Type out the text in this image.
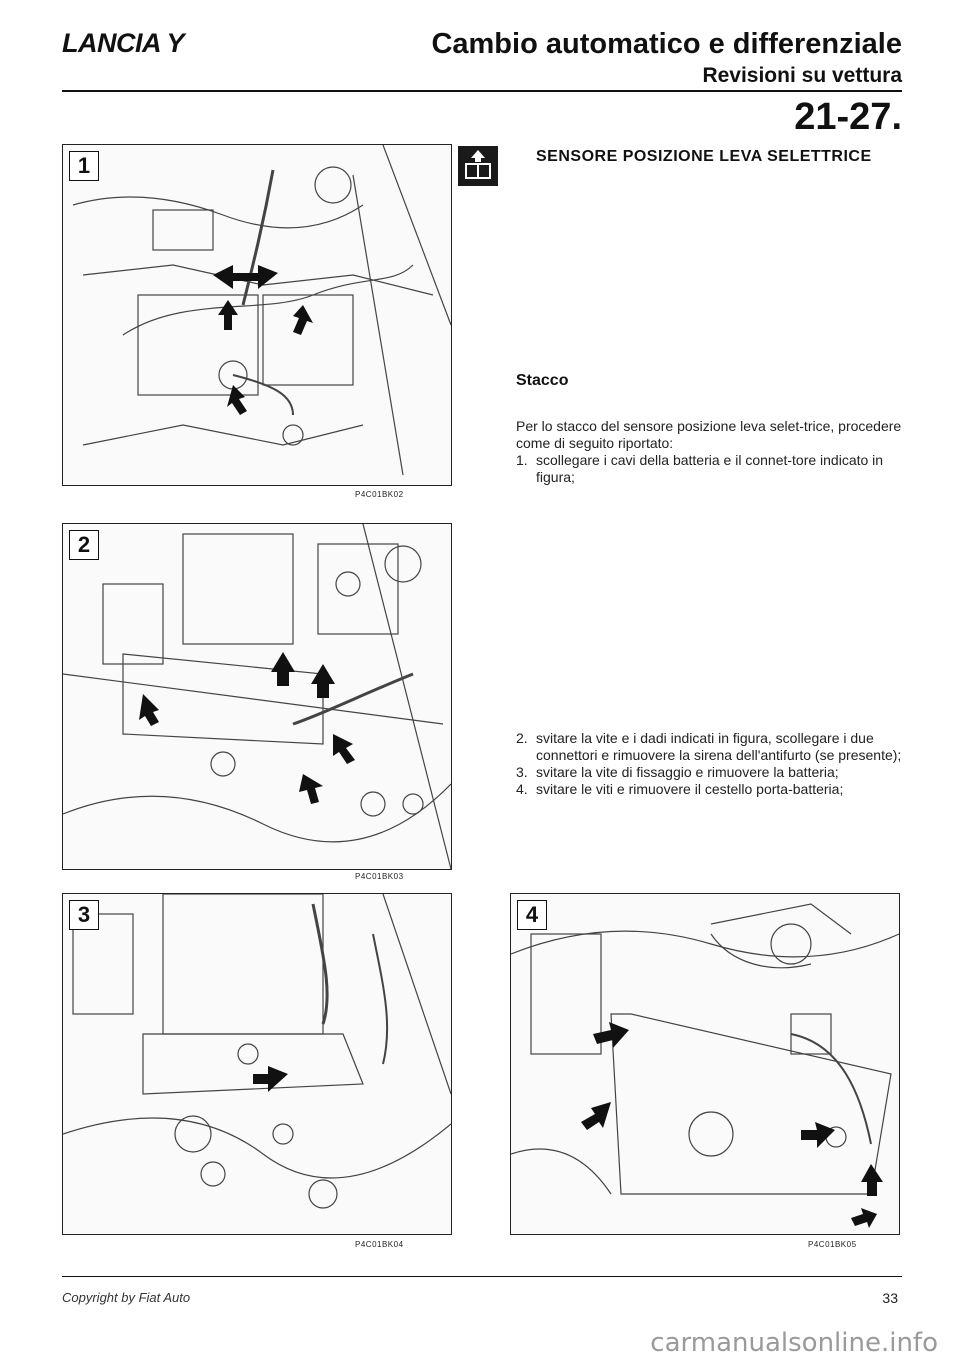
LANCIA Y	Cambio automatico e differenziale
Revisioni su vettura
21-27.
1
P4C01BK02
2
P4C01BK03
3
P4C01BK04
SENSORE POSIZIONE LEVA SELETTRICE
Stacco
Per lo stacco del sensore posizione leva selet-trice, procedere come di seguito riportato:
1. scollegare i cavi della batteria e il connet-tore indicato in figura;
2. svitare la vite e i dadi indicati in figura, scollegare i due connettori e rimuovere la sirena dell'antifurto (se presente);
3. svitare la vite di fissaggio e rimuovere la batteria;
4. svitare le viti e rimuovere il cestello porta-batteria;
4
P4C01BK05
Copyright by Fiat Auto	33
carmanualsonline.info
